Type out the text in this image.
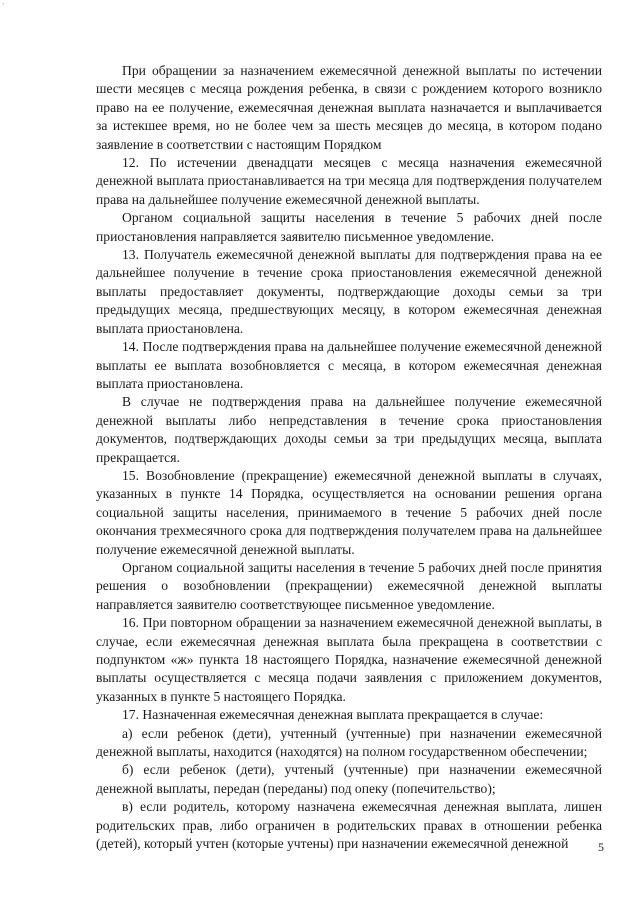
`

При обращении за назначением ежемесячной денежной выплаты по истечении шести месяцев с месяца рождения ребенка, в связи с рождением которого возникло право на ее получение, ежемесячная денежная выплата назначается и выплачивается за истекшее время, но не более чем за шесть месяцев до месяца, в котором подано заявление в соответствии с настоящим Порядком

12. По истечении двенадцати месяцев с месяца назначения ежемесячной денежной выплата приостанавливается на три месяца для подтверждения получателем права на дальнейшее получение ежемесячной денежной выплаты.

Органом социальной защиты населения в течение 5 рабочих дней после приостановления направляется заявителю письменное уведомление.

13. Получатель ежемесячной денежной выплаты для подтверждения права на ее дальнейшее получение в течение срока приостановления ежемесячной денежной выплаты предоставляет документы, подтверждающие доходы семьи за три предыдущих месяца, предшествующих месяцу, в котором ежемесячная денежная выплата приостановлена.

14. После подтверждения права на дальнейшее получение ежемесячной денежной выплаты ее выплата возобновляется с месяца, в котором ежемесячная денежная выплата приостановлена.

В случае не подтверждения права на дальнейшее получение ежемесячной денежной выплаты либо непредставления в течение срока приостановления документов, подтверждающих доходы семьи за три предыдущих месяца, выплата прекращается.

15. Возобновление (прекращение) ежемесячной денежной выплаты в случаях, указанных в пункте 14 Порядка, осуществляется на основании решения органа социальной защиты населения, принимаемого в течение 5 рабочих дней после окончания трехмесячного срока для подтверждения получателем права на дальнейшее получение ежемесячной денежной выплаты.

Органом социальной защиты населения в течение 5 рабочих дней после принятия решения о возобновлении (прекращении) ежемесячной денежной выплаты направляется заявителю соответствующее письменное уведомление.

16. При повторном обращении за назначением ежемесячной денежной выплаты, в случае, если ежемесячная денежная выплата была прекращена в соответствии с подпунктом «ж» пункта 18 настоящего Порядка, назначение ежемесячной денежной выплаты осуществляется с месяца подачи заявления с приложением документов, указанных в пункте 5 настоящего Порядка.

17. Назначенная ежемесячная денежная выплата прекращается в случае:

а) если ребенок (дети), учтенный (учтенные) при назначении ежемесячной денежной выплаты, находится (находятся) на полном государственном обеспечении;

б) если ребенок (дети), учтеный (учтенные) при назначении ежемесячной денежной выплаты, передан (переданы) под опеку (попечительство);

в) если родитель, которому назначена ежемесячная денежная выплата, лишен родительских прав, либо ограничен в родительских правах в отношении ребенка (детей), который учтен (которые учтены) при назначении ежемесячной денежной	5
